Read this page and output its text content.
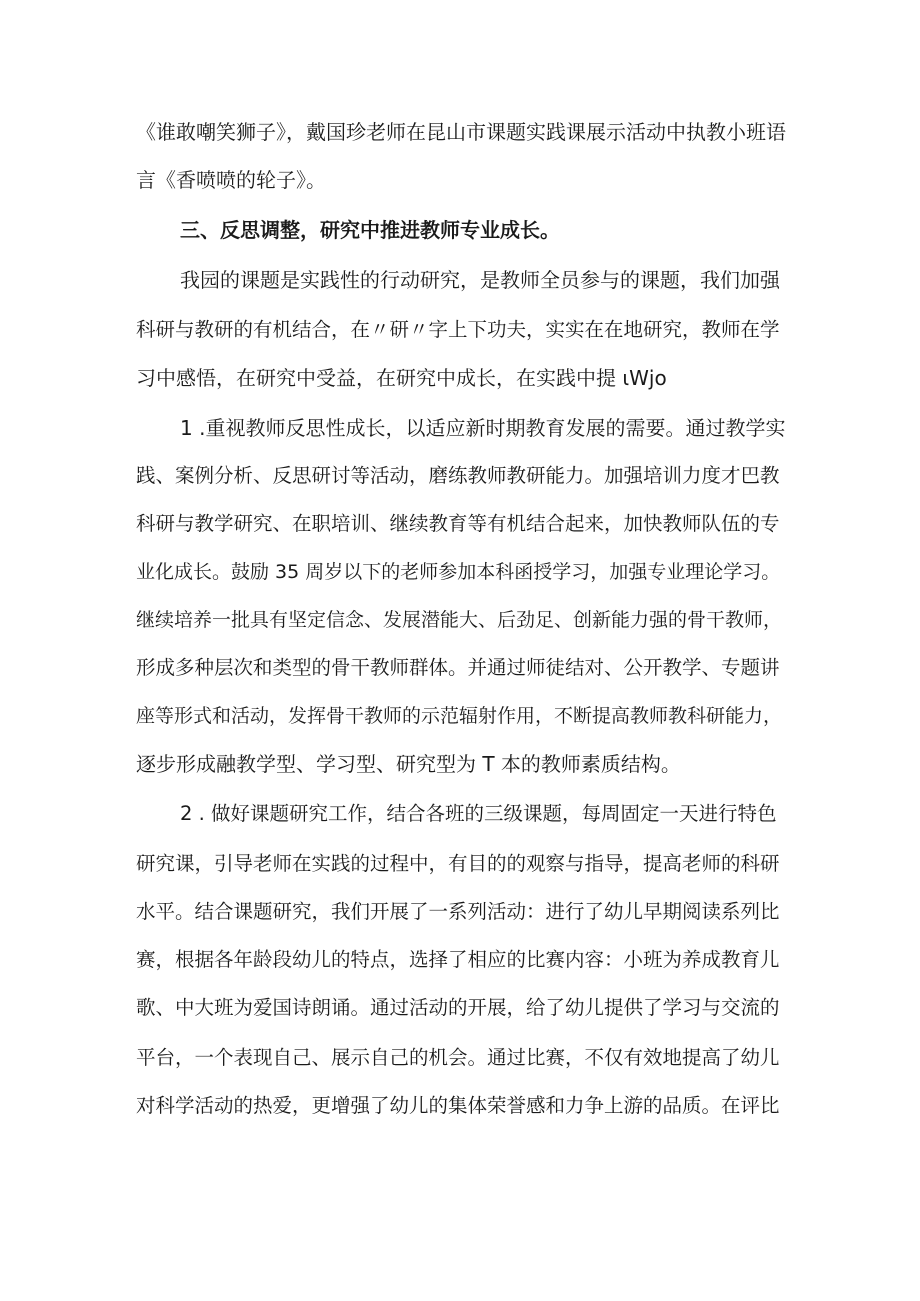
《谁敢嘲笑狮子》，戴国珍老师在昆山市课题实践课展示活动中执教小班语

言《香喷喷的轮子》。

三、反思调整，研究中推进教师专业成长。

我园的课题是实践性的行动研究，是教师全员参与的课题，我们加强

科研与教研的有机结合，在〃研〃字上下功夫，实实在在地研究，教师在学

习中感悟，在研究中受益，在研究中成长，在实践中提 ιWjo

1 .重视教师反思性成长，以适应新时期教育发展的需要。通过教学实

践、案例分析、反思研讨等活动，磨练教师教研能力。加强培训力度才巴教

科研与教学研究、在职培训、继续教育等有机结合起来，加快教师队伍的专

业化成长。鼓励 35 周岁以下的老师参加本科函授学习，加强专业理论学习。

继续培养一批具有坚定信念、发展潜能大、后劲足、创新能力强的骨干教师，

形成多种层次和类型的骨干教师群体。并通过师徒结对、公开教学、专题讲

座等形式和活动，发挥骨干教师的示范辐射作用，不断提高教师教科研能力，

逐步形成融教学型、学习型、研究型为 T 本的教师素质结构。

2 . 做好课题研究工作，结合各班的三级课题，每周固定一天进行特色

研究课，引导老师在实践的过程中，有目的的观察与指导，提高老师的科研

水平。结合课题研究，我们开展了一系列活动：进行了幼儿早期阅读系列比

赛，根据各年龄段幼儿的特点，选择了相应的比赛内容：小班为养成教育儿

歌、中大班为爱国诗朗诵。通过活动的开展，给了幼儿提供了学习与交流的

平台，一个表现自己、展示自己的机会。通过比赛，不仅有效地提高了幼儿

对科学活动的热爱，更增强了幼儿的集体荣誉感和力争上游的品质。在评比
